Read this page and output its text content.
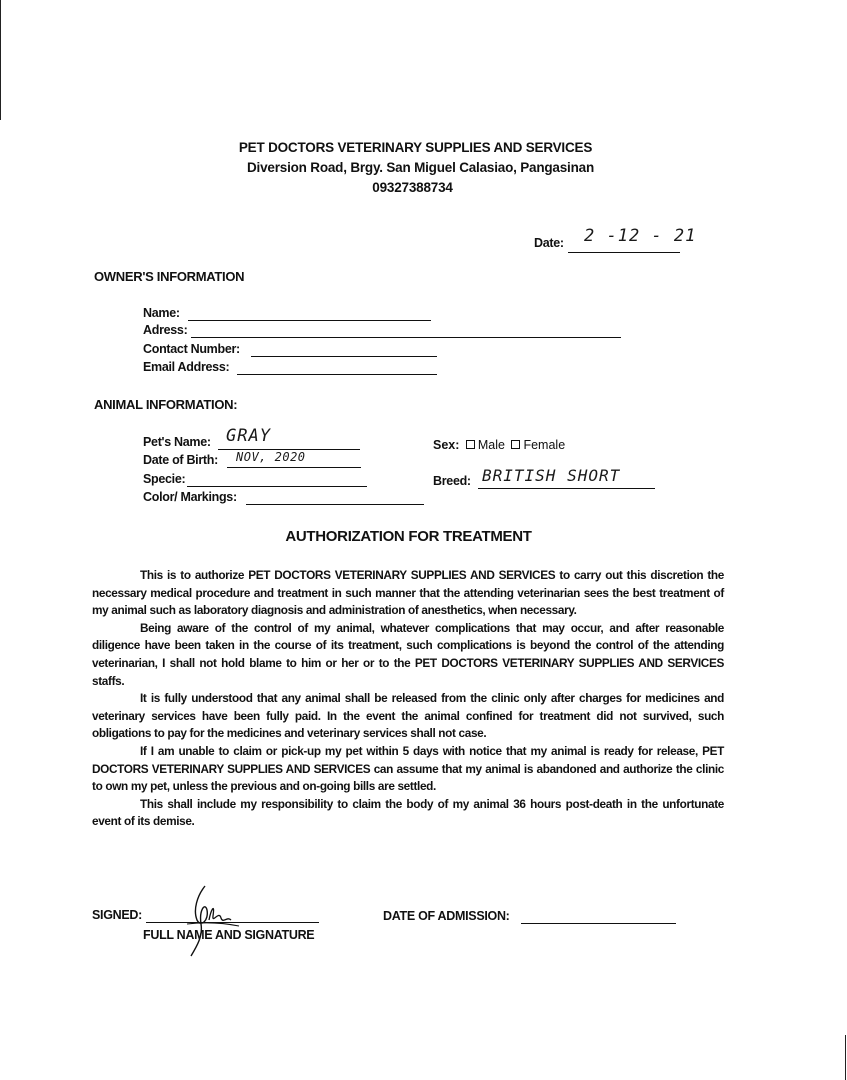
PET DOCTORS VETERINARY SUPPLIES AND SERVICES
Diversion Road, Brgy. San Miguel Calasiao, Pangasinan
09327388734
Date: 2 -12 - 21
OWNER'S INFORMATION
Name:
Adress:
Contact Number:
Email Address:
ANIMAL INFORMATION:
Pet's Name: GRAY
Date of Birth: NOV, 2020
Specie:
Color/ Markings:
Sex: Male Female
Breed: BRITISH SHORT
AUTHORIZATION FOR TREATMENT

This is to authorize PET DOCTORS VETERINARY SUPPLIES AND SERVICES to carry out this discretion the necessary medical procedure and treatment in such manner that the attending veterinarian sees the best treatment of my animal such as laboratory diagnosis and administration of anesthetics, when necessary.

Being aware of the control of my animal, whatever complications that may occur, and after reasonable diligence have been taken in the course of its treatment, such complications is beyond the control of the attending veterinarian, I shall not hold blame to him or her or to the PET DOCTORS VETERINARY SUPPLIES AND SERVICES staffs.

It is fully understood that any animal shall be released from the clinic only after charges for medicines and veterinary services have been fully paid. In the event the animal confined for treatment did not survived, such obligations to pay for the medicines and veterinary services shall not case.

If I am unable to claim or pick-up my pet within 5 days with notice that my animal is ready for release, PET DOCTORS VETERINARY SUPPLIES AND SERVICES can assume that my animal is abandoned and authorize the clinic to own my pet, unless the previous and on-going bills are settled.

This shall include my responsibility to claim the body of my animal 36 hours post-death in the unfortunate event of its demise.

SIGNED:
FULL NAME AND SIGNATURE
DATE OF ADMISSION:
